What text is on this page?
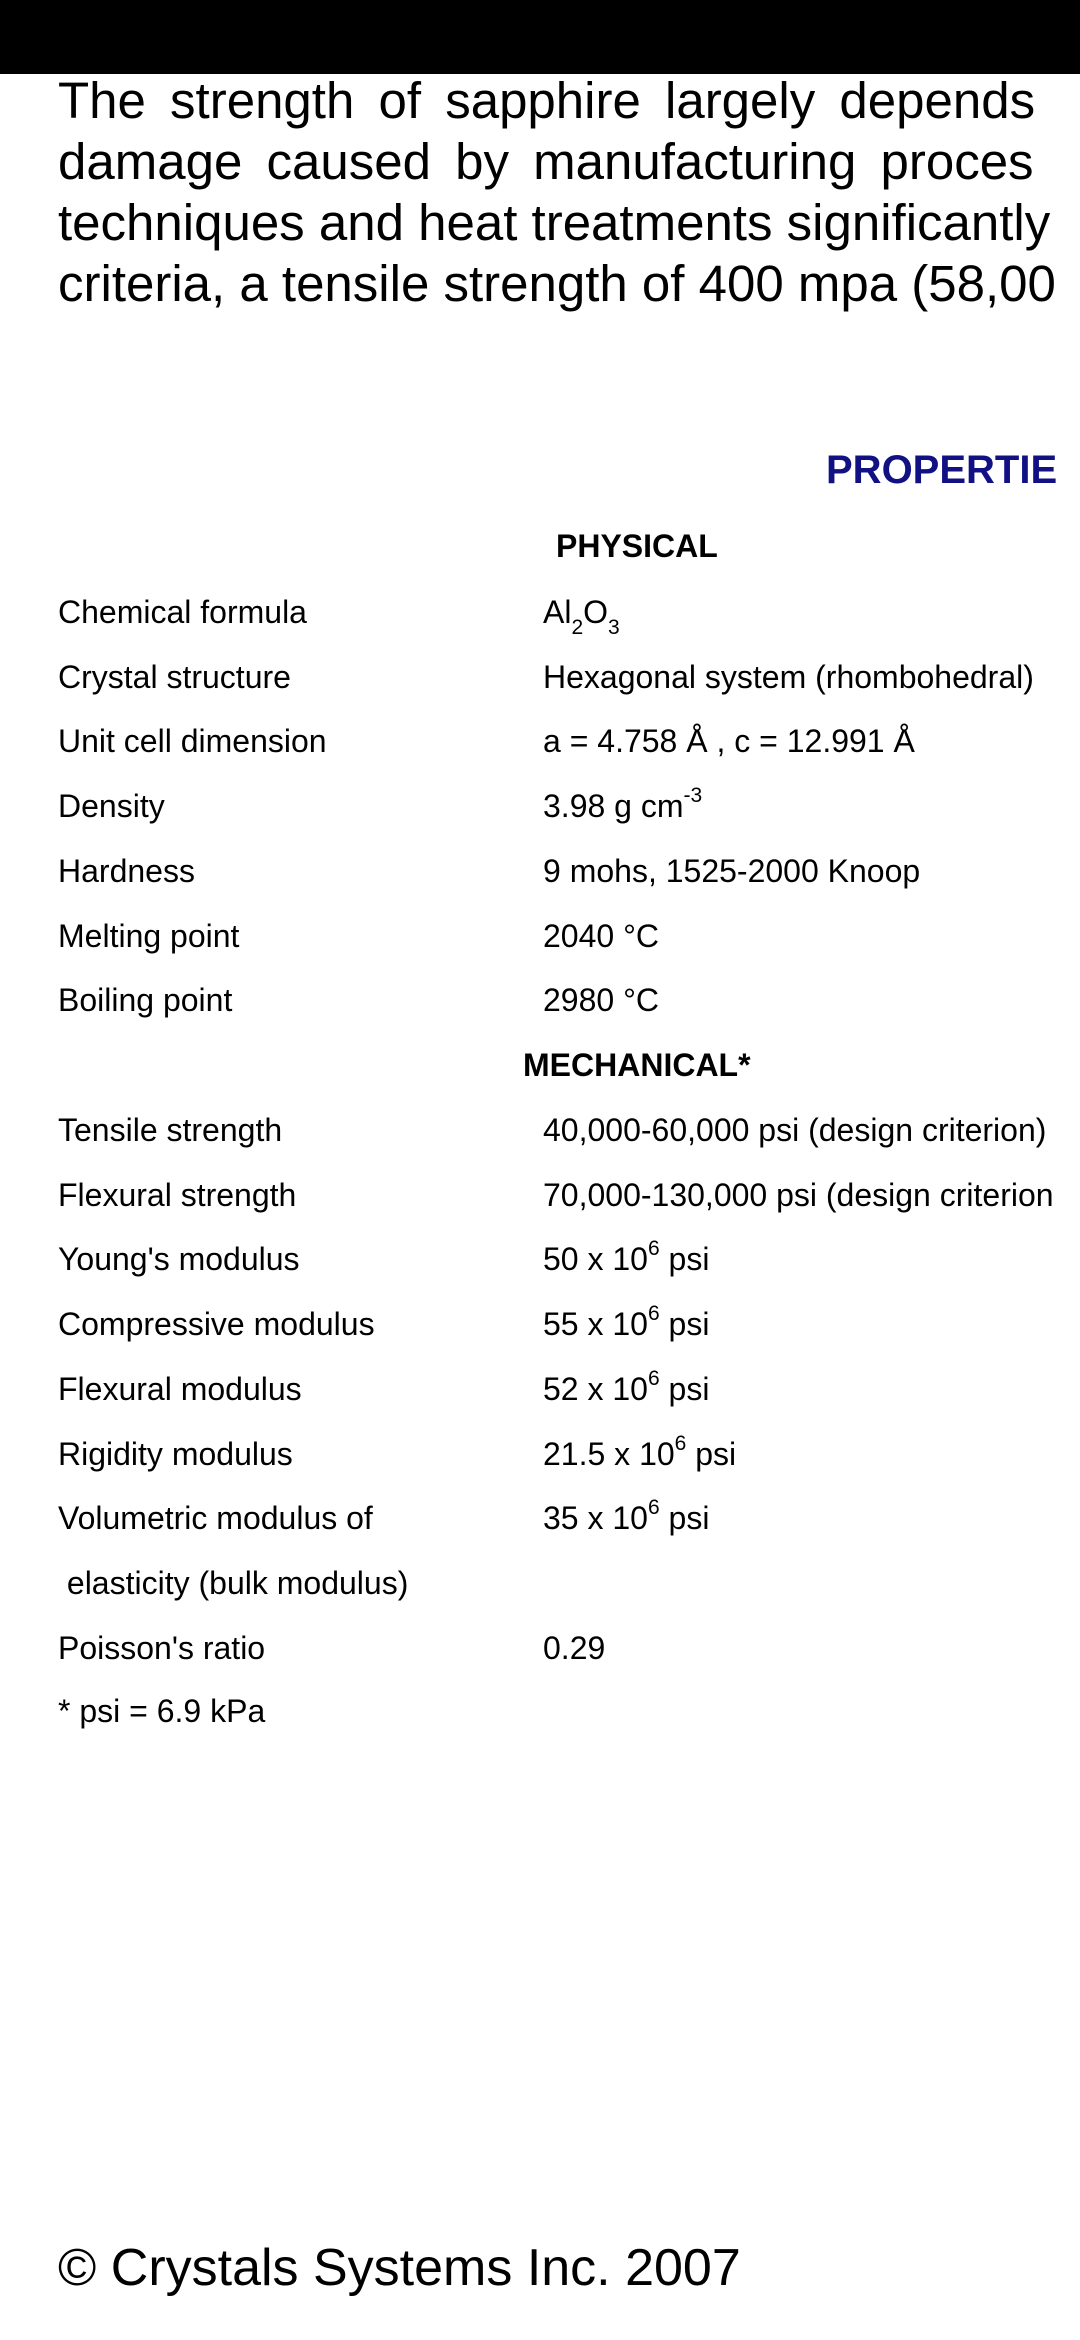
The strength of sapphire largely depends
damage caused by manufacturing proces
techniques and heat treatments significantly
criteria, a tensile strength of 400 mpa (58,00
PROPERTIE
PHYSICAL
Chemical formula	$Al_2O_3$
Crystal structure	Hexagonal system (rhombohedral)
Unit cell dimension	a = 4.758 Å , c = 12.991 Å
Density	3.98 g $cm^{-3}$
Hardness	9 mohs, 1525-2000 Knoop
Melting point	2040 °C
Boiling point	2980 °C
MECHANICAL*
Tensile strength	40,000-60,000 psi (design criterion)
Flexural strength	70,000-130,000 psi (design criterion
Young's modulus	50 x $10^6$ psi
Compressive modulus	55 x $10^6$ psi
Flexural modulus	52 x $10^6$ psi
Rigidity modulus	21.5 x $10^6$ psi
Volumetric modulus of	35 x $10^6$ psi
elasticity (bulk modulus)
Poisson's ratio	0.29
* psi = 6.9 kPa
© Crystals Systems Inc. 2007
